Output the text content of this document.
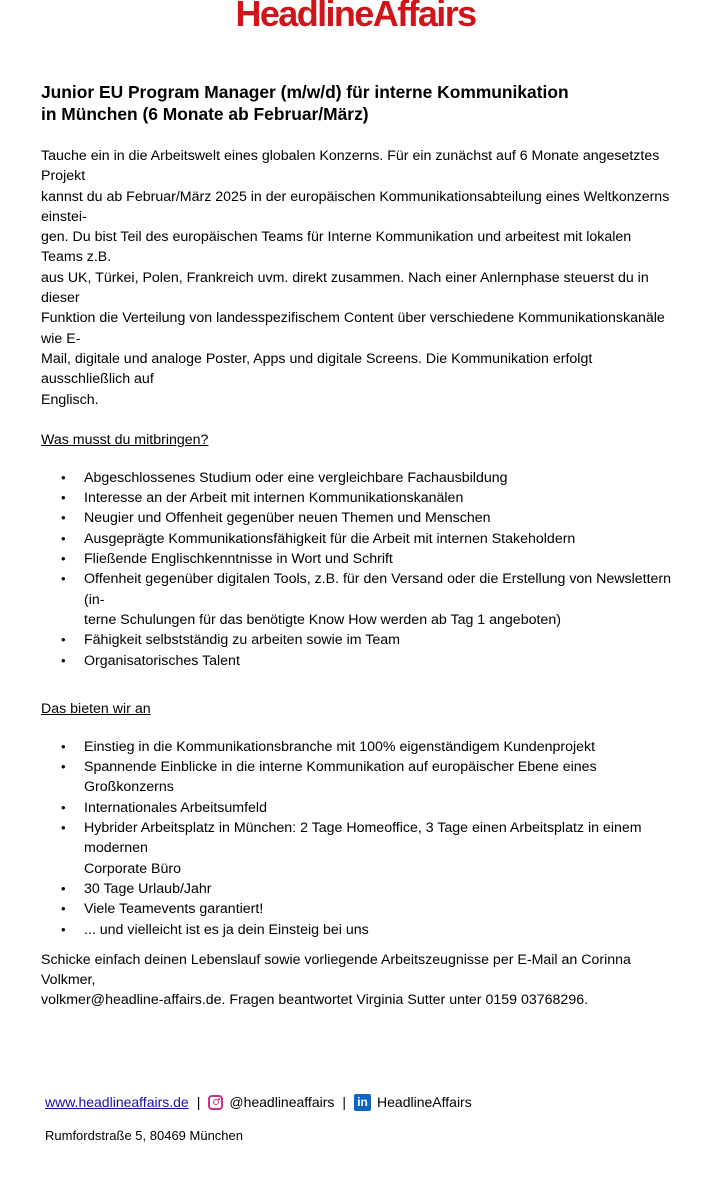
HeadlineAffairs
Junior EU Program Manager (m/w/d) für interne Kommunikation
in München (6 Monate ab Februar/März)

Tauche ein in die Arbeitswelt eines globalen Konzerns. Für ein zunächst auf 6 Monate angesetztes Projekt
kannst du ab Februar/März 2025 in der europäischen Kommunikationsabteilung eines Weltkonzerns einstei-
gen. Du bist Teil des europäischen Teams für Interne Kommunikation und arbeitest mit lokalen Teams z.B.
aus UK, Türkei, Polen, Frankreich uvm. direkt zusammen. Nach einer Anlernphase steuerst du in dieser
Funktion die Verteilung von landesspezifischem Content über verschiedene Kommunikationskanäle wie E-
Mail, digitale und analoge Poster, Apps und digitale Screens. Die Kommunikation erfolgt ausschließlich auf
Englisch.

Was musst du mitbringen?
• Abgeschlossenes Studium oder eine vergleichbare Fachausbildung
• Interesse an der Arbeit mit internen Kommunikationskanälen
• Neugier und Offenheit gegenüber neuen Themen und Menschen
• Ausgeprägte Kommunikationsfähigkeit für die Arbeit mit internen Stakeholdern
• Fließende Englischkenntnisse in Wort und Schrift
• Offenheit gegenüber digitalen Tools, z.B. für den Versand oder die Erstellung von Newslettern (in-
terne Schulungen für das benötigte Know How werden ab Tag 1 angeboten)
• Fähigkeit selbstständig zu arbeiten sowie im Team
• Organisatorisches Talent
Das bieten wir an
• Einstieg in die Kommunikationsbranche mit 100% eigenständigem Kundenprojekt
• Spannende Einblicke in die interne Kommunikation auf europäischer Ebene eines Großkonzerns
• Internationales Arbeitsumfeld
• Hybrider Arbeitsplatz in München: 2 Tage Homeoffice, 3 Tage einen Arbeitsplatz in einem modernen
Corporate Büro
• 30 Tage Urlaub/Jahr
• Viele Teamevents garantiert!
• ... und vielleicht ist es ja dein Einsteig bei uns

Schicke einfach deinen Lebenslauf sowie vorliegende Arbeitszeugnisse per E-Mail an Corinna Volkmer,
volkmer@headline-affairs.de. Fragen beantwortet Virginia Sutter unter 0159 03768296.

www.headlineaffairs.de | @headlineaffairs | in HeadlineAffairs
Rumfordstraße 5, 80469 München
